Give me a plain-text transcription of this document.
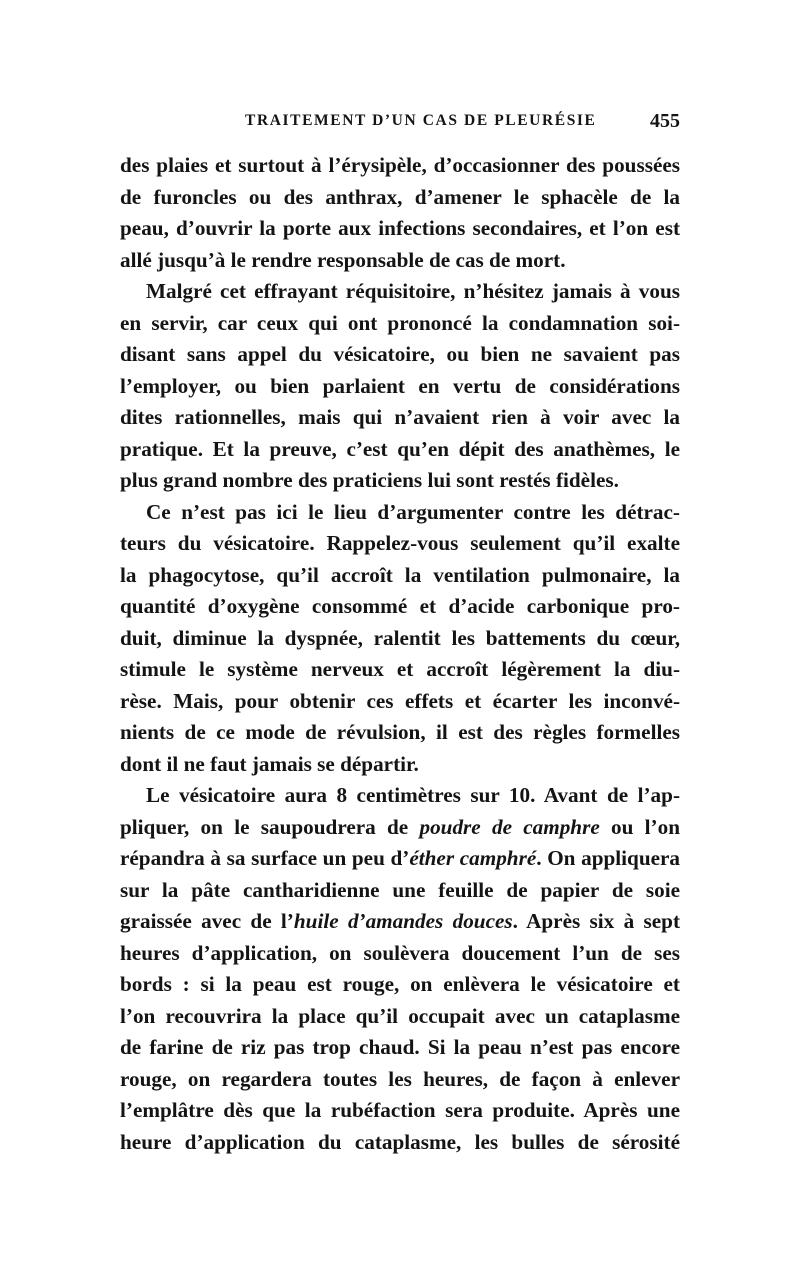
TRAITEMENT D’UN CAS DE PLEURÉSIE	455
des plaies et surtout à l’érysipèle, d’occasionner des poussées
de furoncles ou des anthrax, d’amener le sphacèle de la
peau, d’ouvrir la porte aux infections secondaires, et l’on est
allé jusqu’à le rendre responsable de cas de mort.
Malgré cet effrayant réquisitoire, n’hésitez jamais à vous
en servir, car ceux qui ont prononcé la condamnation soi-
disant sans appel du vésicatoire, ou bien ne savaient pas
l’employer, ou bien parlaient en vertu de considérations
dites rationnelles, mais qui n’avaient rien à voir avec la
pratique. Et la preuve, c’est qu’en dépit des anathèmes, le
plus grand nombre des praticiens lui sont restés fidèles.
Ce n’est pas ici le lieu d’argumenter contre les détrac-
teurs du vésicatoire. Rappelez-vous seulement qu’il exalte
la phagocytose, qu’il accroît la ventilation pulmonaire, la
quantité d’oxygène consommé et d’acide carbonique pro-
duit, diminue la dyspnée, ralentit les battements du cœur,
stimule le système nerveux et accroît légèrement la diu-
rèse. Mais, pour obtenir ces effets et écarter les inconvé-
nients de ce mode de révulsion, il est des règles formelles
dont il ne faut jamais se départir.
Le vésicatoire aura 8 centimètres sur 10. Avant de l’ap-
pliquer, on le saupoudrera de poudre de camphre ou l’on
répandra à sa surface un peu d’éther camphré. On appliquera
sur la pâte cantharidienne une feuille de papier de soie
graissée avec de l’huile d’amandes douces. Après six à sept
heures d’application, on soulèvera doucement l’un de ses
bords : si la peau est rouge, on enlèvera le vésicatoire et
l’on recouvrira la place qu’il occupait avec un cataplasme
de farine de riz pas trop chaud. Si la peau n’est pas encore
rouge, on regardera toutes les heures, de façon à enlever
l’emplâtre dès que la rubéfaction sera produite. Après une
heure d’application du cataplasme, les bulles de sérosité
